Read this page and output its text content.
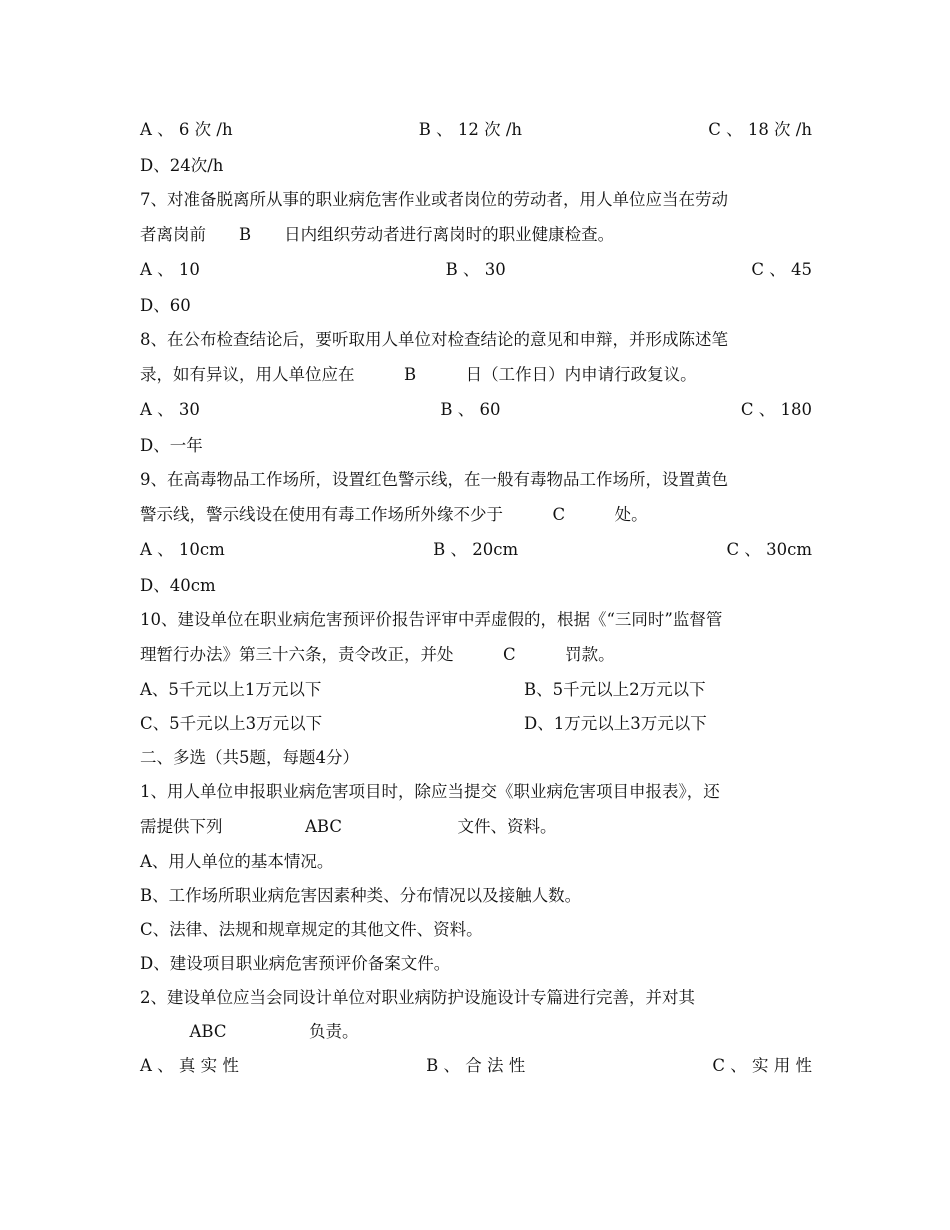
A 、 6 次 /h	B 、 12 次 /h	C 、 18 次 /h
D、24次/h
7、对准备脱离所从事的职业病危害作业或者岗位的劳动者，用人单位应当在劳动
者离岗前　　B　　日内组织劳动者进行离岗时的职业健康检查。
A 、 10	B 、 30	C 、 45
D、60
8、在公布检查结论后，要听取用人单位对检查结论的意见和申辩，并形成陈述笔
录，如有异议，用人单位应在　　　B　　　日（工作日）内申请行政复议。
A 、 30	B 、 60	C 、 180
D、一年
9、在高毒物品工作场所，设置红色警示线，在一般有毒物品工作场所，设置黄色
警示线，警示线设在使用有毒工作场所外缘不少于　　　C　　　处。
A 、 10cm	B 、 20cm	C 、 30cm
D、40cm
10、建设单位在职业病危害预评价报告评审中弄虚假的，根据《“三同时”监督管
理暂行办法》第三十六条，责令改正，并处　　　C　　　罚款。
A、5千元以上1万元以下	B、5千元以上2万元以下
C、5千元以上3万元以下	D、1万元以上3万元以下
二、多选（共5题，每题4分）
1、用人单位申报职业病危害项目时，除应当提交《职业病危害项目申报表》，还
需提供下列　　　　　ABC　　　　　　　文件、资料。
A、用人单位的基本情况。
B、工作场所职业病危害因素种类、分布情况以及接触人数。
C、法律、法规和规章规定的其他文件、资料。
D、建设项目职业病危害预评价备案文件。
2、建设单位应当会同设计单位对职业病防护设施设计专篇进行完善，并对其
　　　ABC　　　　　负责。
A 、 真 实 性	B 、 合 法 性	C 、 实 用 性
